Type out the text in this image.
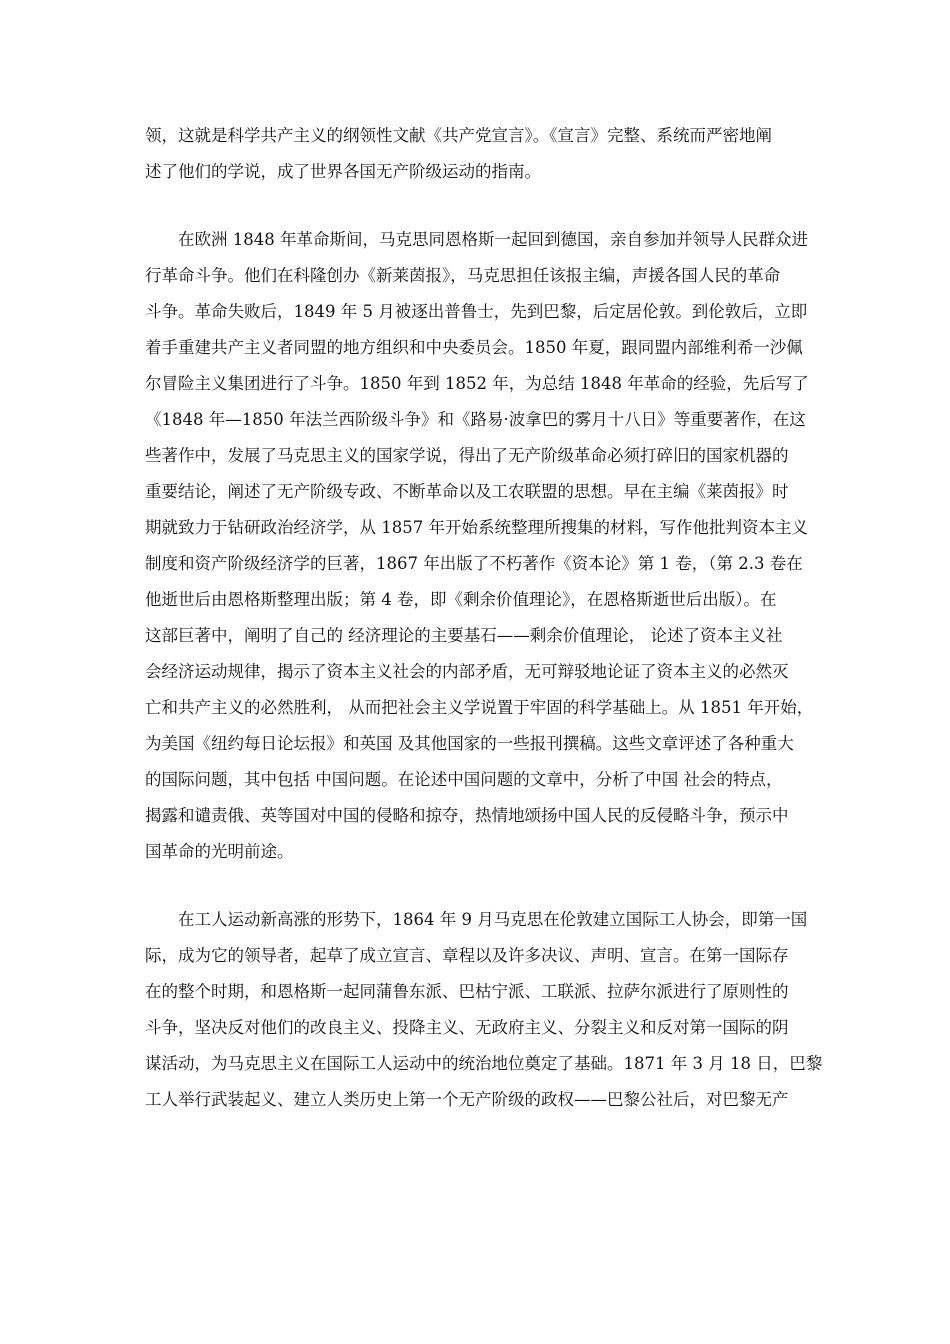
领，这就是科学共产主义的纲领性文献《共产党宣言》。《宣言》完整、系统而严密地阐
述了他们的学说，成了世界各国无产阶级运动的指南。
在欧洲 1848 年革命斯间，马克思同恩格斯一起回到德国，亲自参加并领导人民群众进
行革命斗争。他们在科隆创办《新莱茵报》，马克思担任该报主编，声援各国人民的革命
斗争。革命失败后，1849 年 5 月被逐出普鲁士，先到巴黎，后定居伦敦。到伦敦后，立即
着手重建共产主义者同盟的地方组织和中央委员会。1850 年夏，跟同盟内部维利希一沙佩
尔冒险主义集团进行了斗争。1850 年到 1852 年，为总结 1848 年革命的经验，先后写了
《1848 年—1850 年法兰西阶级斗争》和《路易·波拿巴的雾月十八日》等重要著作，在这
些著作中，发展了马克思主义的国家学说，得出了无产阶级革命必须打碎旧的国家机器的
重要结论，阐述了无产阶级专政、不断革命以及工农联盟的思想。早在主编《莱茵报》时
期就致力于钻研政治经济学，从 1857 年开始系统整理所搜集的材料，写作他批判资本主义
制度和资产阶级经济学的巨著，1867 年出版了不朽著作《资本论》第 1 卷，（第 2.3 卷在
他逝世后由恩格斯整理出版；第 4 卷，即《剩余价值理论》，在恩格斯逝世后出版）。在
这部巨著中，阐明了自己的 经济理论的主要基石——剩余价值理论， 论述了资本主义社
会经济运动规律，揭示了资本主义社会的内部矛盾，无可辩驳地论证了资本主义的必然灭
亡和共产主义的必然胜利， 从而把社会主义学说置于牢固的科学基础上。从 1851 年开始，
为美国《纽约每日论坛报》和英国 及其他国家的一些报刊撰稿。这些文章评述了各种重大
的国际问题，其中包括 中国问题。在论述中国问题的文章中，分析了中国 社会的特点，
揭露和谴责俄、英等国对中国的侵略和掠夺，热情地颂扬中国人民的反侵略斗争，预示中
国革命的光明前途。
在工人运动新高涨的形势下，1864 年 9 月马克思在伦敦建立国际工人协会，即第一国
际，成为它的领导者，起草了成立宣言、章程以及许多决议、声明、宣言。在第一国际存
在的整个时期，和恩格斯一起同蒲鲁东派、巴枯宁派、工联派、拉萨尔派进行了原则性的
斗争，坚决反对他们的改良主义、投降主义、无政府主义、分裂主义和反对第一国际的阴
谋活动，为马克思主义在国际工人运动中的统治地位奠定了基础。1871 年 3 月 18 日，巴黎
工人举行武装起义、建立人类历史上第一个无产阶级的政权——巴黎公社后，对巴黎无产
